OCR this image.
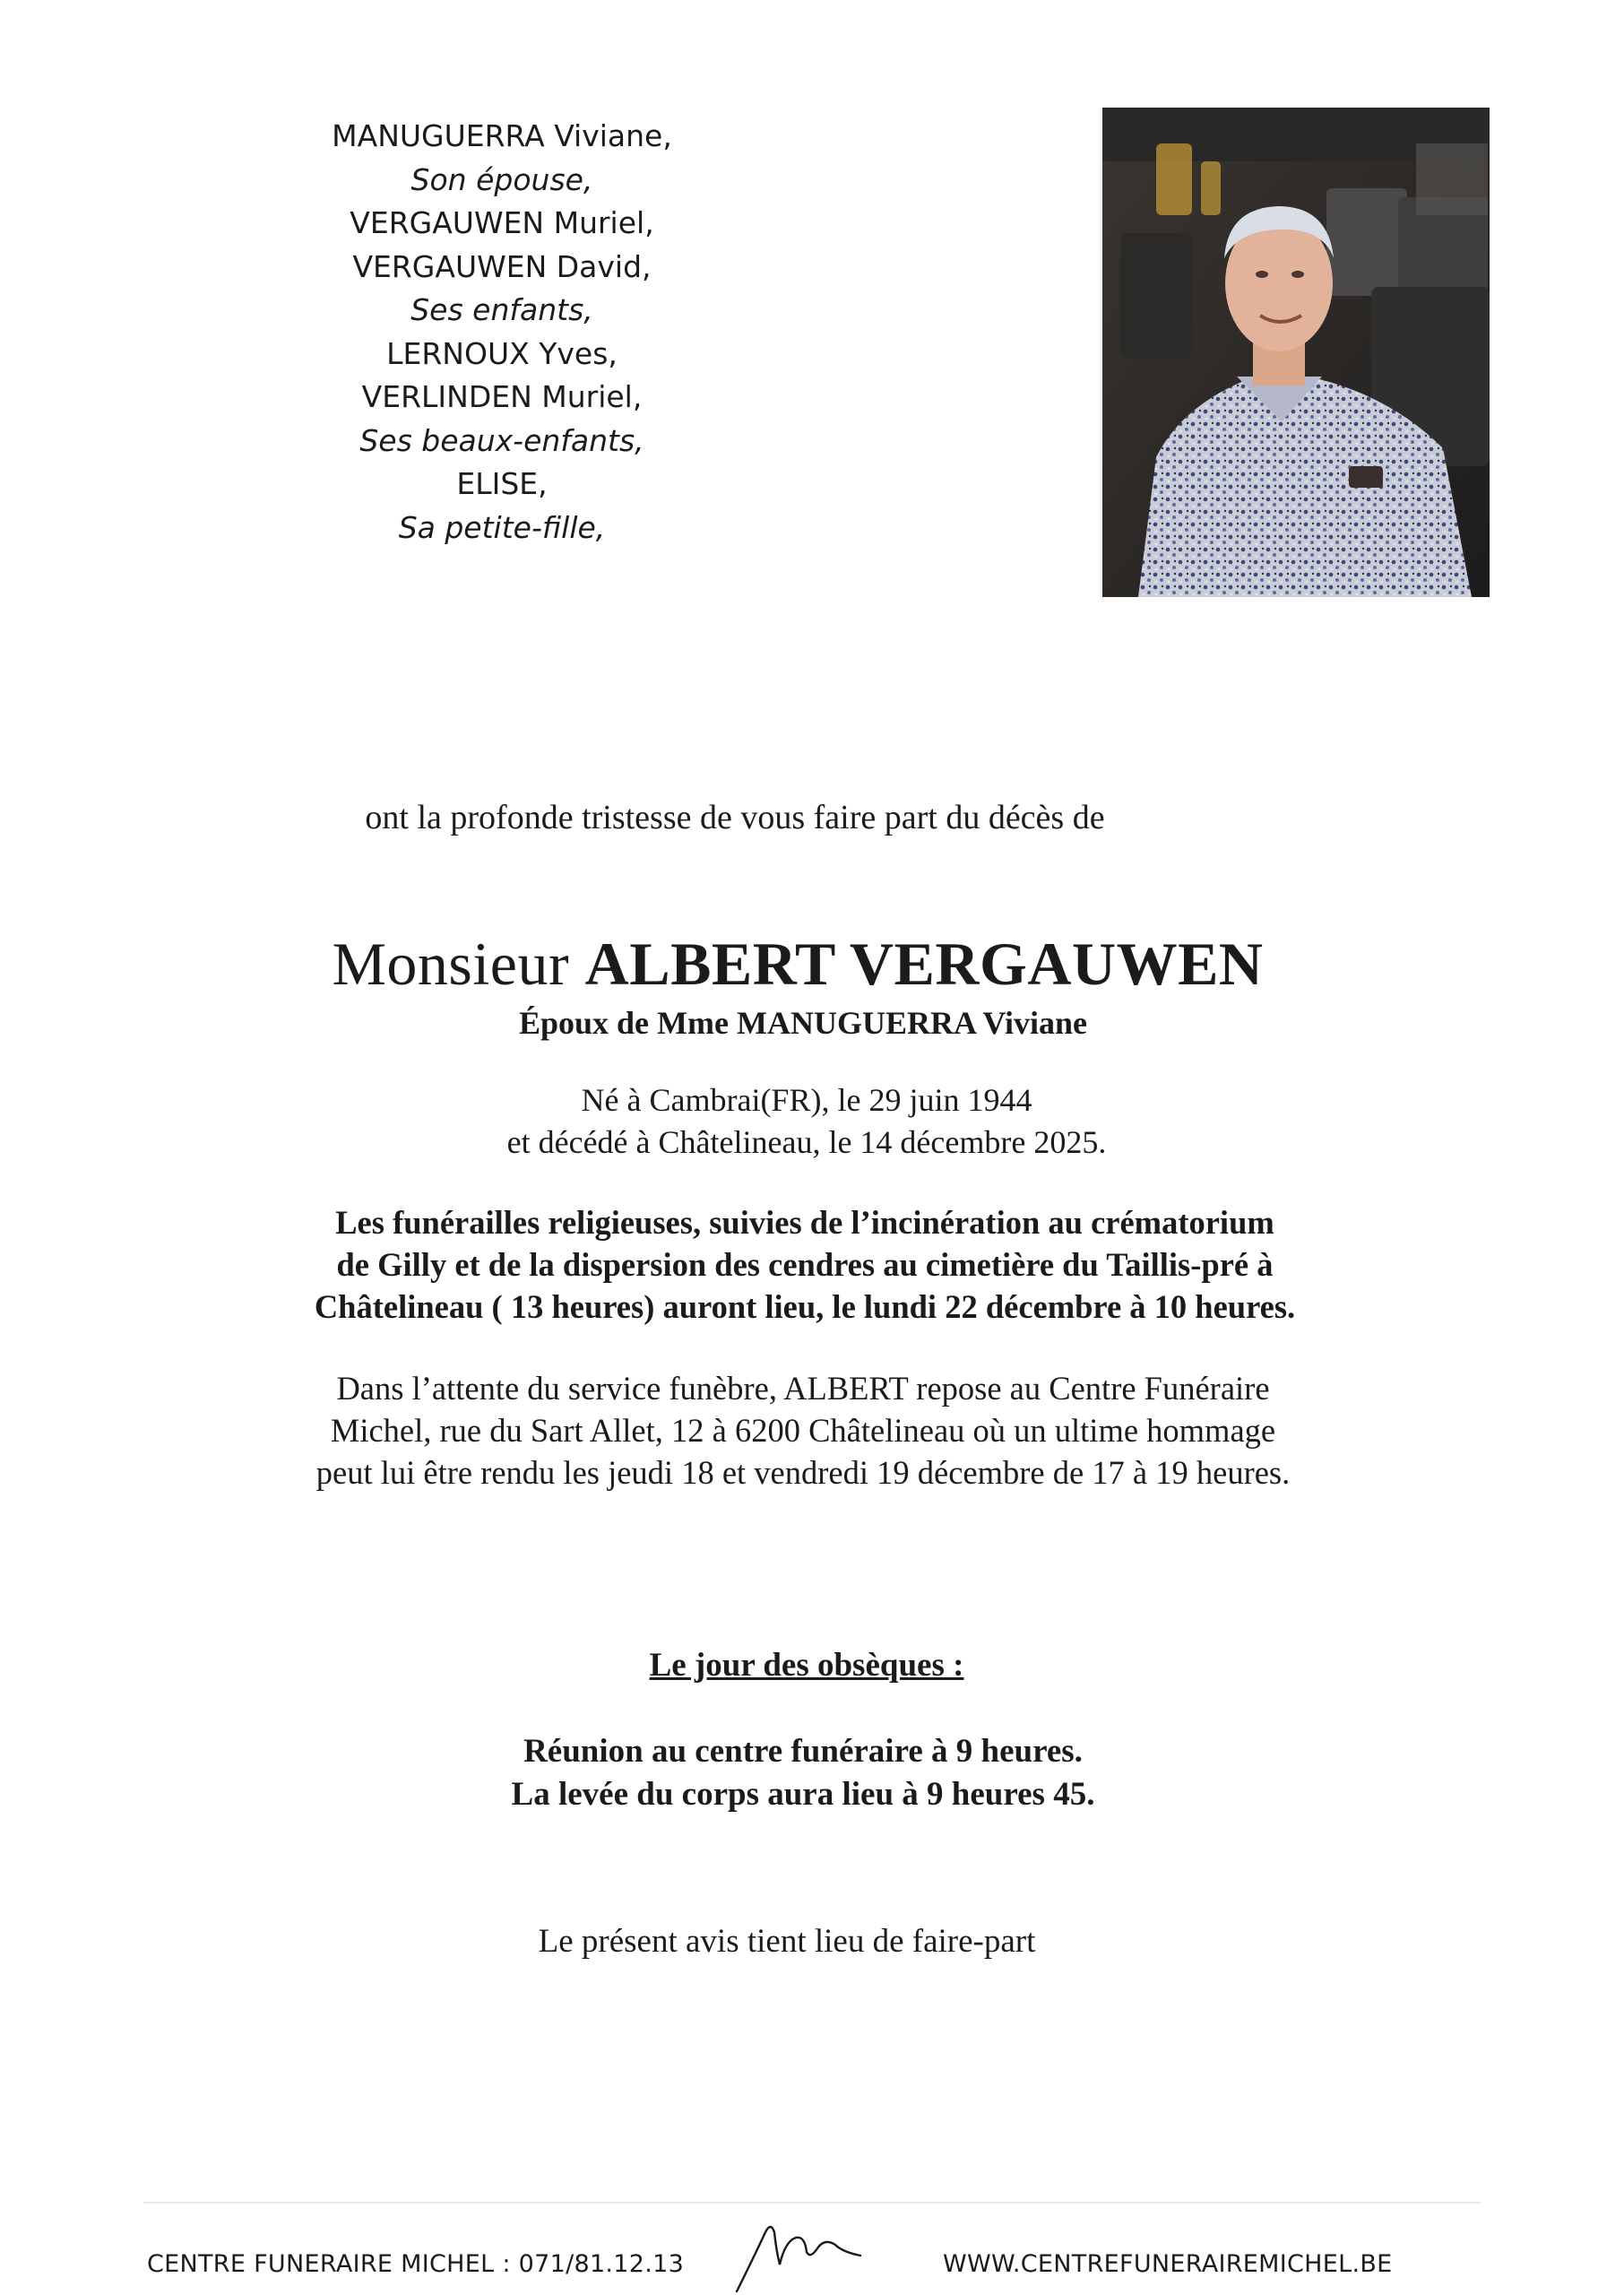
MANUGUERRA Viviane,
Son épouse,
VERGAUWEN Muriel,
VERGAUWEN David,
Ses enfants,
LERNOUX Yves,
VERLINDEN Muriel,
Ses beaux-enfants,
ELISE,
Sa petite-fille,
ont la profonde tristesse de vous faire part du décès de
Monsieur ALBERT VERGAUWEN
Époux de Mme MANUGUERRA Viviane
Né à Cambrai(FR), le 29 juin 1944
et décédé à Châtelineau, le 14 décembre 2025.
Les funérailles religieuses, suivies de l’incinération au crématorium
de Gilly et de la dispersion des cendres au cimetière du Taillis-pré à
Châtelineau ( 13 heures) auront lieu, le lundi 22 décembre à 10 heures.
Dans l’attente du service funèbre, ALBERT repose au Centre Funéraire
Michel, rue du Sart Allet, 12 à 6200 Châtelineau où un ultime hommage
peut lui être rendu les jeudi 18 et vendredi 19 décembre de 17 à 19 heures.
Le jour des obsèques :
Réunion au centre funéraire à 9 heures.
La levée du corps aura lieu à 9 heures 45.
Le présent avis tient lieu de faire-part
CENTRE FUNERAIRE MICHEL : 071/81.12.13	WWW.CENTREFUNERAIREMICHEL.BE
